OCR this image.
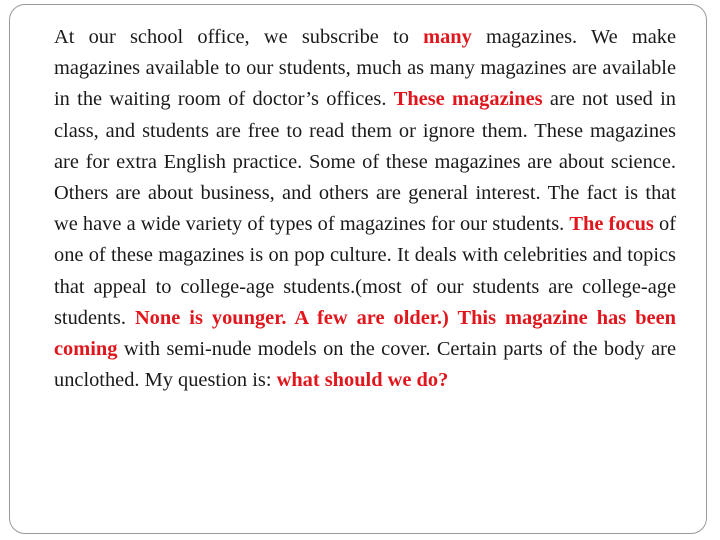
At our school office, we subscribe to many magazines. We make magazines available to our students, much as many magazines are available in the waiting room of doctor’s offices. These magazines are not used in class, and students are free to read them or ignore them. These magazines are for extra English practice. Some of these magazines are about science. Others are about business, and others are general interest. The fact is that we have a wide variety of types of magazines for our students. The focus of one of these magazines is on pop culture. It deals with celebrities and topics that appeal to college-age students.(most of our students are college-age students. None is younger. A few are older.) This magazine has been coming with semi-nude models on the cover. Certain parts of the body are unclothed. My question is: what should we do?
